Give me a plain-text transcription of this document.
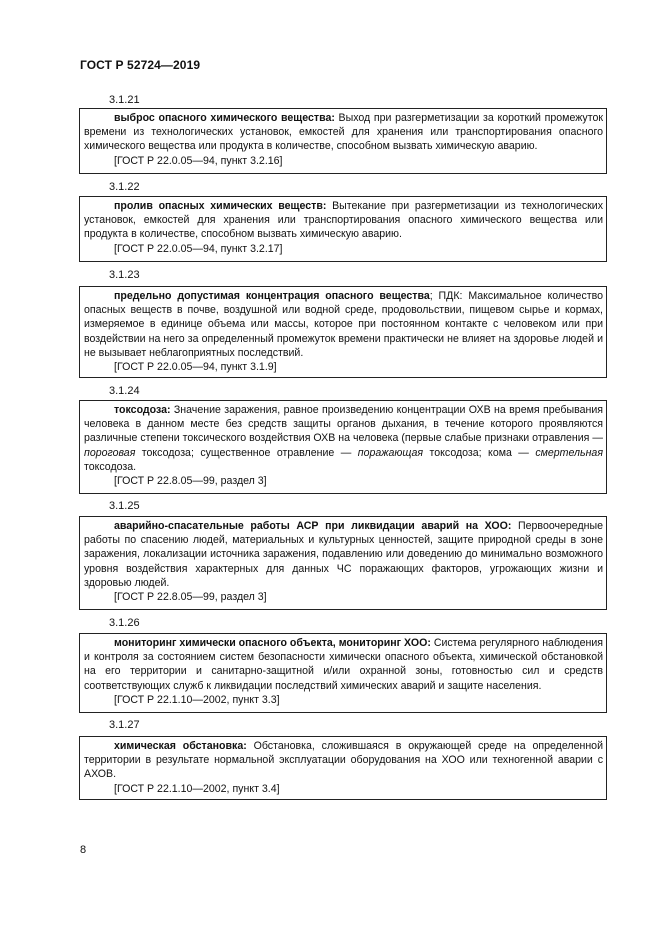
ГОСТ Р 52724—2019
3.1.21

выброс опасного химического вещества: Выход при разгерметизации за короткий промежуток времени из технологических установок, емкостей для хранения или транспортирования опасного химического вещества или продукта в количестве, способном вызвать химическую аварию.

[ГОСТ Р 22.0.05—94, пункт 3.2.16]
3.1.22

пролив опасных химических веществ: Вытекание при разгерметизации из технологических установок, емкостей для хранения или транспортирования опасного химического вещества или продукта в количестве, способном вызвать химическую аварию.

[ГОСТ Р 22.0.05—94, пункт 3.2.17]
3.1.23

предельно допустимая концентрация опасного вещества; ПДК: Максимальное количество опасных веществ в почве, воздушной или водной среде, продовольствии, пищевом сырье и кормах, измеряемое в единице объема или массы, которое при постоянном контакте с человеком или при воздействии на него за определенный промежуток времени практически не влияет на здоровье людей и не вызывает неблагоприятных последствий.

[ГОСТ Р 22.0.05—94, пункт 3.1.9]
3.1.24

токсодоза: Значение заражения, равное произведению концентрации ОХВ на время пребывания человека в данном месте без средств защиты органов дыхания, в течение которого проявляются различные степени токсического воздействия ОХВ на человека (первые слабые признаки отравления — пороговая токсодоза; существенное отравление — поражающая токсодоза; кома — смертельная токсодоза.

[ГОСТ Р 22.8.05—99, раздел 3]
3.1.25

аварийно-спасательные работы АСР при ликвидации аварий на ХОО: Первоочередные работы по спасению людей, материальных и культурных ценностей, защите природной среды в зоне заражения, локализации источника заражения, подавлению или доведению до минимально возможного уровня воздействия характерных для данных ЧС поражающих факторов, угрожающих жизни и здоровью людей.

[ГОСТ Р 22.8.05—99, раздел 3]
3.1.26

мониторинг химически опасного объекта, мониторинг ХОО: Система регулярного наблюдения и контроля за состоянием систем безопасности химически опасного объекта, химической обстановкой на его территории и санитарно-защитной и/или охранной зоны, готовностью сил и средств соответствующих служб к ликвидации последствий химических аварий и защите населения.

[ГОСТ Р 22.1.10—2002, пункт 3.3]
3.1.27

химическая обстановка: Обстановка, сложившаяся в окружающей среде на определенной территории в результате нормальной эксплуатации оборудования на ХОО или техногенной аварии с АХОВ.

[ГОСТ Р 22.1.10—2002, пункт 3.4]
8
